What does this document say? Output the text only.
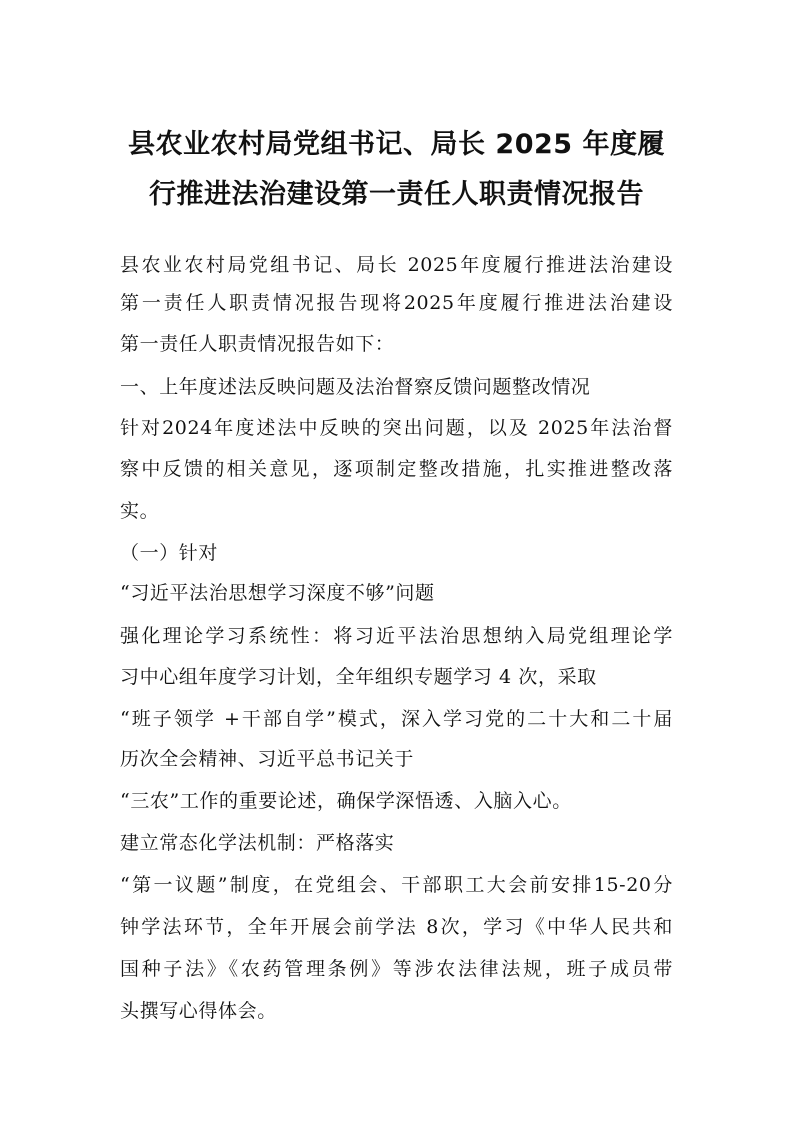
县农业农村局党组书记、局长 2025 年度履
行推进法治建设第一责任人职责情况报告

县农业农村局党组书记、局长 2025年度履行推进法治建设

第一责任人职责情况报告现将2025年度履行推进法治建设

第一责任人职责情况报告如下：

一、上年度述法反映问题及法治督察反馈问题整改情况

针对2024年度述法中反映的突出问题，以及 2025年法治督

察中反馈的相关意见，逐项制定整改措施，扎实推进整改落

实。

（一）针对

“习近平法治思想学习深度不够”问题

强化理论学习系统性：将习近平法治思想纳入局党组理论学

习中心组年度学习计划，全年组织专题学习 4 次，采取

“班子领学 +干部自学”模式，深入学习党的二十大和二十届

历次全会精神、习近平总书记关于

“三农”工作的重要论述，确保学深悟透、入脑入心。

建立常态化学法机制：严格落实

“第一议题”制度，在党组会、干部职工大会前安排15-20分

钟学法环节，全年开展会前学法 8次，学习《中华人民共和

国种子法》《农药管理条例》等涉农法律法规，班子成员带

头撰写心得体会。
